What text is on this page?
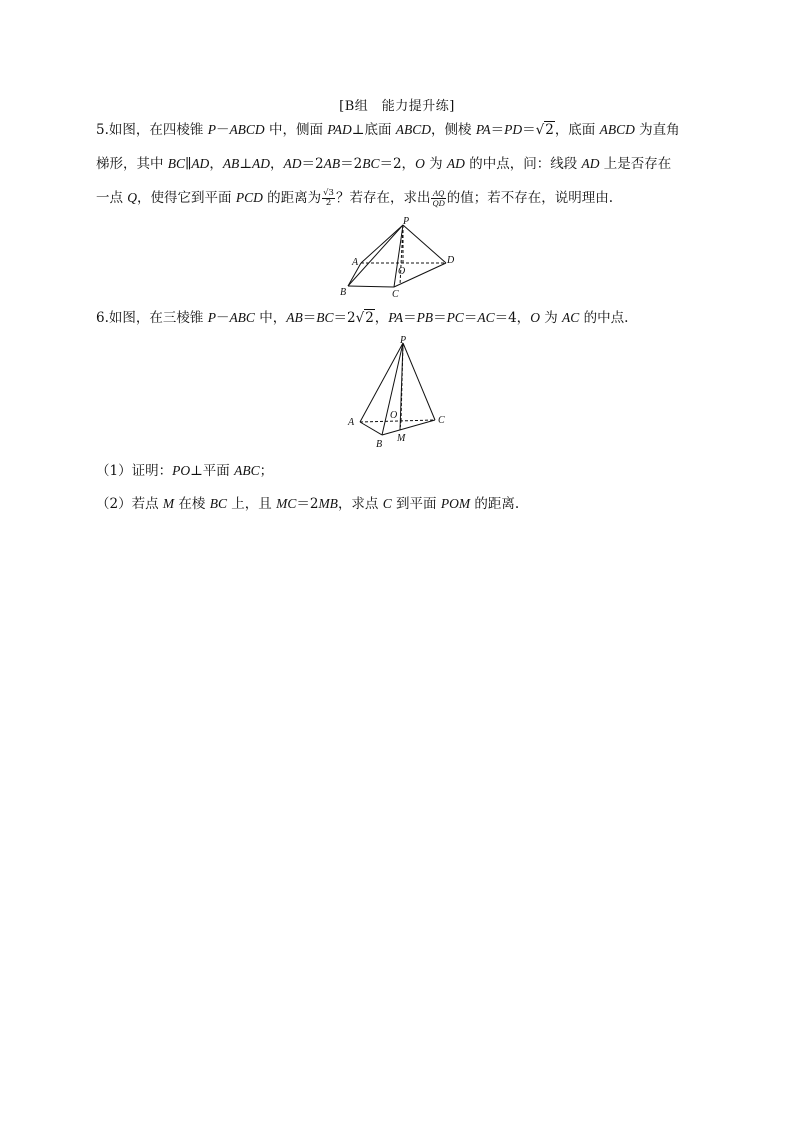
[B组　能力提升练]
5.如图，在四棱锥 P－ABCD 中，侧面 PAD⊥底面 ABCD，侧棱 PA＝PD＝√2，底面 ABCD 为直角
梯形，其中 BC∥AD，AB⊥AD，AD＝2AB＝2BC＝2，O 为 AD 的中点，问：线段 AD 上是否存在
一点 Q，使得它到平面 PCD 的距离为 $\frac{√3}{2}$ ？若存在，求出 $\frac{AQ}{QD}$ 的值；若不存在，说明理由.
P
A
O
D
B	C
6.如图，在三棱锥 P－ABC 中，AB＝BC＝2√2，PA＝PB＝PC＝AC＝4，O 为 AC 的中点.
P
A
O	C
B
M
（1）证明：PO⊥平面 ABC；
（2）若点 M 在棱 BC 上，且 MC＝2MB，求点 C 到平面 POM 的距离.
